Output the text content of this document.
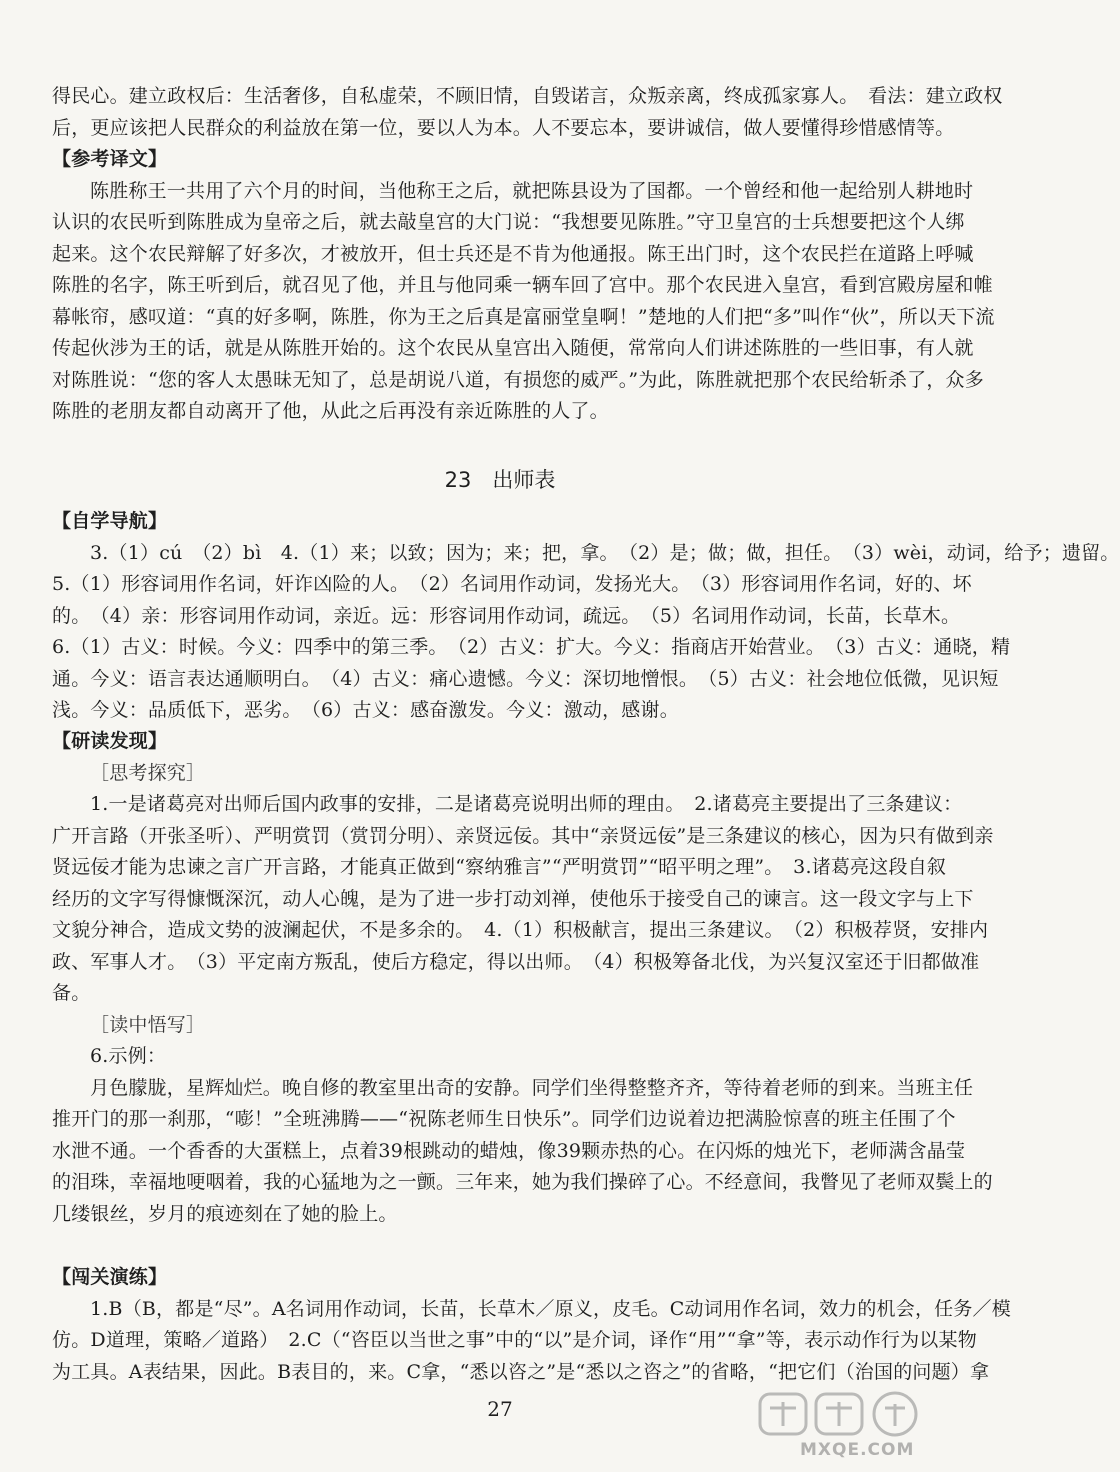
得民心。建立政权后：生活奢侈，自私虚荣，不顾旧情，自毁诺言，众叛亲离，终成孤家寡人。　看法：建立政权
后，更应该把人民群众的利益放在第一位，要以人为本。人不要忘本，要讲诚信，做人要懂得珍惜感情等。
【参考译文】
陈胜称王一共用了六个月的时间，当他称王之后，就把陈县设为了国都。一个曾经和他一起给别人耕地时
认识的农民听到陈胜成为皇帝之后，就去敲皇宫的大门说：“我想要见陈胜。”守卫皇宫的士兵想要把这个人绑
起来。这个农民辩解了好多次，才被放开，但士兵还是不肯为他通报。陈王出门时，这个农民拦在道路上呼喊
陈胜的名字，陈王听到后，就召见了他，并且与他同乘一辆车回了宫中。那个农民进入皇宫，看到宫殿房屋和帷
幕帐帘，感叹道：“真的好多啊，陈胜，你为王之后真是富丽堂皇啊！”楚地的人们把“多”叫作“伙”，所以天下流
传起伙涉为王的话，就是从陈胜开始的。这个农民从皇宫出入随便，常常向人们讲述陈胜的一些旧事，有人就
对陈胜说：“您的客人太愚昧无知了，总是胡说八道，有损您的威严。”为此，陈胜就把那个农民给斩杀了，众多
陈胜的老朋友都自动离开了他，从此之后再没有亲近陈胜的人了。
23　出师表
【自学导航】
3.（1）cú　（2）bì　4.（1）来；以致；因为；来；把，拿。　（2）是；做；做，担任。　（3）wèi，动词，给予；遗留。
5.（1）形容词用作名词，奸诈凶险的人。　（2）名词用作动词，发扬光大。　（3）形容词用作名词，好的、坏
的。　（4）亲：形容词用作动词，亲近。远：形容词用作动词，疏远。　（5）名词用作动词，长苗，长草木。
6.（1）古义：时候。今义：四季中的第三季。　（2）古义：扩大。今义：指商店开始营业。　（3）古义：通晓，精
通。今义：语言表达通顺明白。　（4）古义：痛心遗憾。今义：深切地憎恨。　（5）古义：社会地位低微，见识短
浅。今义：品质低下，恶劣。　（6）古义：感奋激发。今义：激动，感谢。
【研读发现】
［思考探究］
1.一是诸葛亮对出师后国内政事的安排，二是诸葛亮说明出师的理由。　2.诸葛亮主要提出了三条建议：
广开言路（开张圣听）、严明赏罚（赏罚分明）、亲贤远佞。其中“亲贤远佞”是三条建议的核心，因为只有做到亲
贤远佞才能为忠谏之言广开言路，才能真正做到“察纳雅言”“严明赏罚”“昭平明之理”。　3.诸葛亮这段自叙
经历的文字写得慷慨深沉，动人心魄，是为了进一步打动刘禅，使他乐于接受自己的谏言。这一段文字与上下
文貌分神合，造成文势的波澜起伏，不是多余的。　4.（1）积极献言，提出三条建议。　（2）积极荐贤，安排内
政、军事人才。　（3）平定南方叛乱，使后方稳定，得以出师。　（4）积极筹备北伐，为兴复汉室还于旧都做准
备。
［读中悟写］
6.示例：
月色朦胧，星辉灿烂。晚自修的教室里出奇的安静。同学们坐得整整齐齐，等待着老师的到来。当班主任
推开门的那一刹那，“嘭！”全班沸腾——“祝陈老师生日快乐”。同学们边说着边把满脸惊喜的班主任围了个
水泄不通。一个香香的大蛋糕上，点着39根跳动的蜡烛，像39颗赤热的心。在闪烁的烛光下，老师满含晶莹
的泪珠，幸福地哽咽着，我的心猛地为之一颤。三年来，她为我们操碎了心。不经意间，我瞥见了老师双鬓上的
几缕银丝，岁月的痕迹刻在了她的脸上。
【闯关演练】
1.B（B，都是“尽”。A名词用作动词，长苗，长草木／原义，皮毛。C动词用作名词，效力的机会，任务／模
仿。D道理，策略／道路）　2.C（“咨臣以当世之事”中的“以”是介词，译作“用”“拿”等，表示动作行为以某物
为工具。A表结果，因此。B表目的，来。C拿，“悉以咨之”是“悉以之咨之”的省略，“把它们（治国的问题）拿
27
MXQE.COM
